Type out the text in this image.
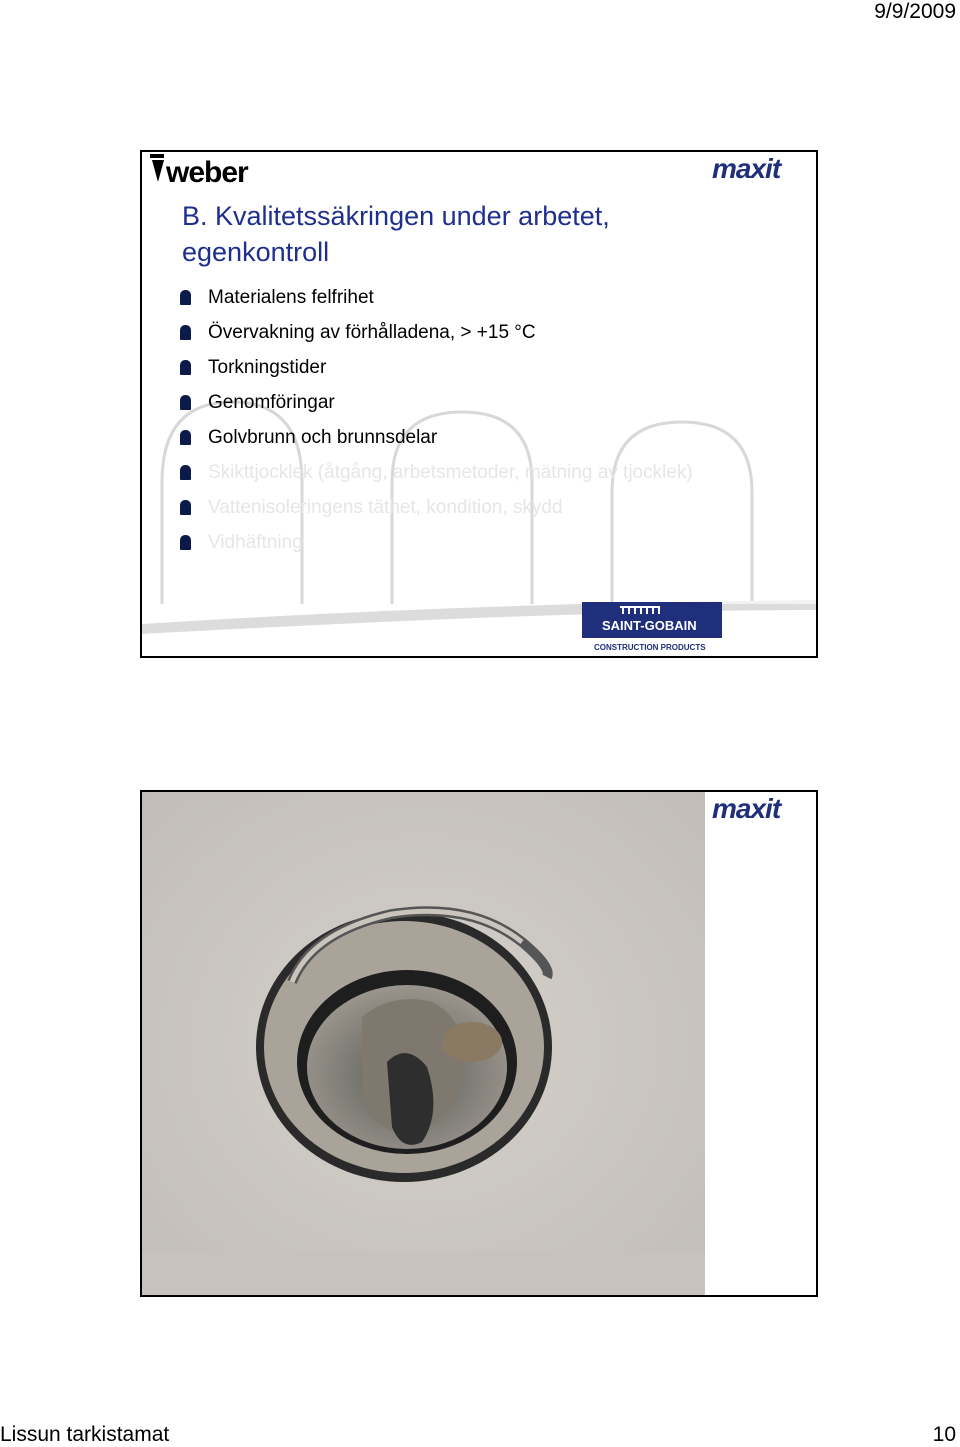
9/9/2009
weber	maxit
B. Kvalitetssäkringen under arbetet,
egenkontroll
Materialens felfrihet
Övervakning av förhålladena, > +15 °C
Torkningstider
Genomföringar
Golvbrunn och brunnsdelar
Skikttjocklek (åtgång, arbetsmetoder, mätning av tjocklek)
Vattenisoleringens täthet, kondition, skydd
Vidhäftning
SAINT-GOBAIN
CONSTRUCTION PRODUCTS
maxit
Lissun tarkistamat	10
